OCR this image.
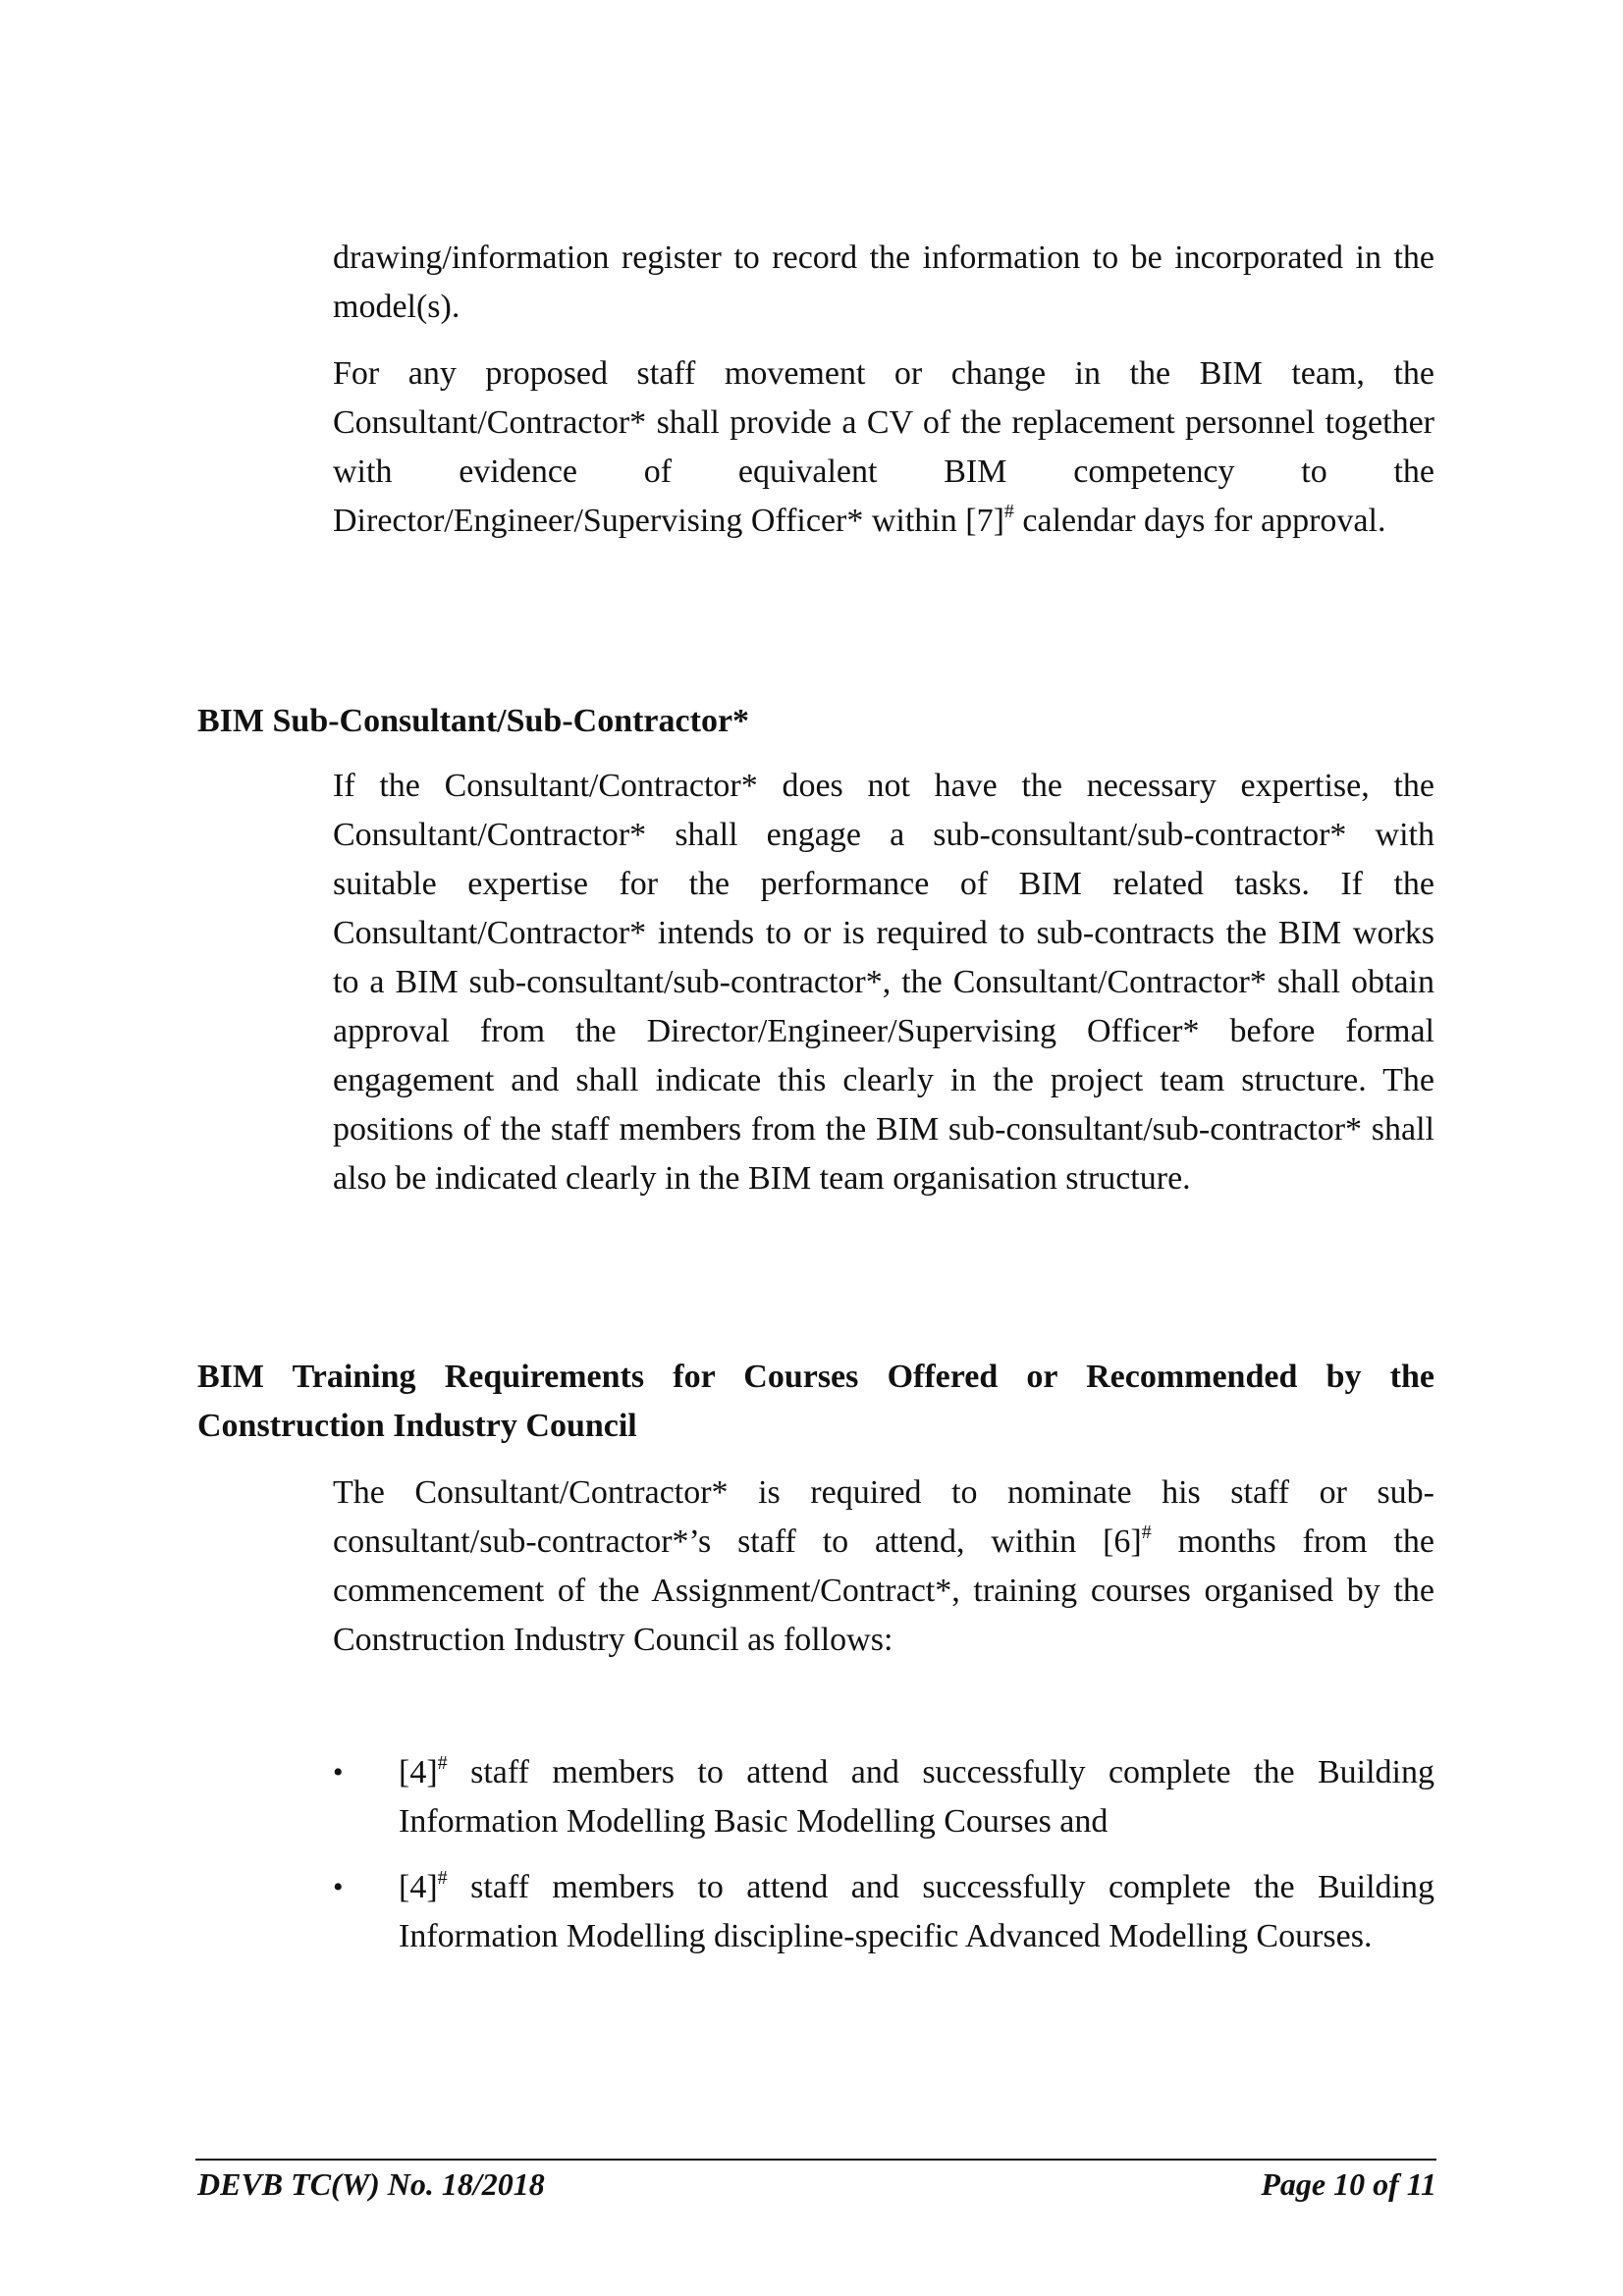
drawing/information register to record the information to be incorporated in the model(s).

For any proposed staff movement or change in the BIM team, the Consultant/Contractor* shall provide a CV of the replacement personnel together with evidence of equivalent BIM competency to the Director/Engineer/Supervising Officer* within [7]# calendar days for approval.

BIM Sub-Consultant/Sub-Contractor*

If the Consultant/Contractor* does not have the necessary expertise, the Consultant/Contractor* shall engage a sub-consultant/sub-contractor* with suitable expertise for the performance of BIM related tasks. If the Consultant/Contractor* intends to or is required to sub-contracts the BIM works to a BIM sub-consultant/sub-contractor*, the Consultant/Contractor* shall obtain approval from the Director/Engineer/Supervising Officer* before formal engagement and shall indicate this clearly in the project team structure. The positions of the staff members from the BIM sub-consultant/sub-contractor* shall also be indicated clearly in the BIM team organisation structure.

BIM Training Requirements for Courses Offered or Recommended by the Construction Industry Council

The Consultant/Contractor* is required to nominate his staff or sub-consultant/sub-contractor*’s staff to attend, within [6]# months from the commencement of the Assignment/Contract*, training courses organised by the Construction Industry Council as follows:

• [4]# staff members to attend and successfully complete the Building Information Modelling Basic Modelling Courses and
• [4]# staff members to attend and successfully complete the Building Information Modelling discipline-specific Advanced Modelling Courses.
DEVB TC(W) No. 18/2018	Page 10 of 11
